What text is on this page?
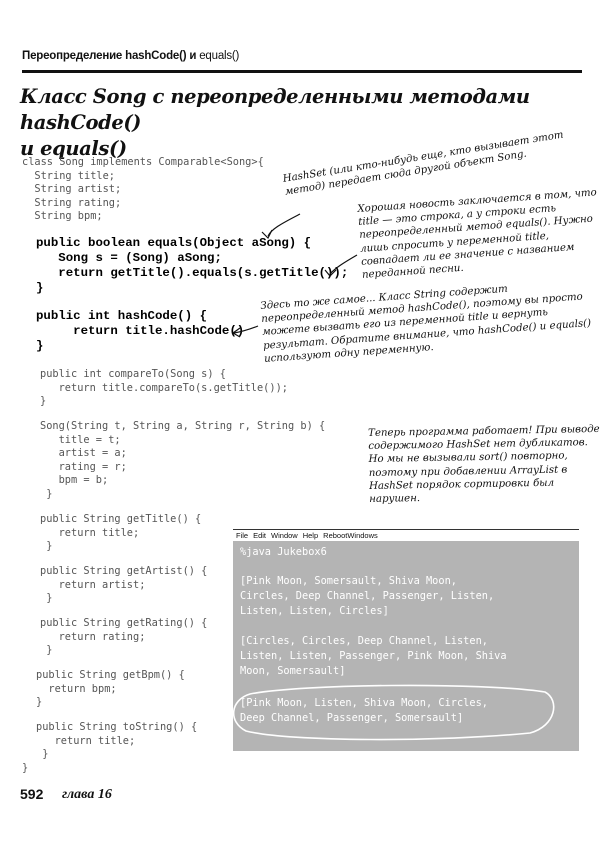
Переопределение hashCode() и equals()
Класс Song с переопределенными методами hashCode()
и equals()
class Song implements Comparable<Song>{
String title;
String artist;
String rating;
String bpm;
public boolean equals(Object aSong) {
Song s = (Song) aSong;
return getTitle().equals(s.getTitle());
}
public int hashCode() {
return title.hashCode()
}
public int compareTo(Song s) {
return title.compareTo(s.getTitle());
}
Song(String t, String a, String r, String b) {
title = t;
artist = a;
rating = r;
bpm = b;
}
public String getTitle() {
return title;
}
public String getArtist() {
return artist;
}
public String getRating() {
return rating;
}
public String getBpm() {
return bpm;
}
public String toString() {
return title;
}
}
HashSet (или кто-нибудь еще, кто вызывает этот метод) передает сюда другой объект Song.
Хорошая новость заключается в том, что title — это строка, а у строки есть переопределенный метод equals(). Нужно лишь спросить у переменной title, совпадает ли ее значение с названием переданной песни.
Здесь то же самое... Класс String содержит переопределенный метод hashCode(), поэтому вы просто можете вызвать его из переменной title и вернуть результат. Обратите внимание, что hashCode() и equals() используют одну переменную.
Теперь программа работает! При выводе содержимого HashSet нет дубликатов. Но мы не вызывали sort() повторно, поэтому при добавлении ArrayList в HashSet порядок сортировки был нарушен.
File Edit Window Help RebootWindows
%java Jukebox6
[Pink Moon, Somersault, Shiva Moon,
Circles, Deep Channel, Passenger, Listen,
Listen, Listen, Circles]
[Circles, Circles, Deep Channel, Listen,
Listen, Listen, Passenger, Pink Moon, Shiva
Moon, Somersault]
[Pink Moon, Listen, Shiva Moon, Circles,
Deep Channel, Passenger, Somersault]
592 глава 16
